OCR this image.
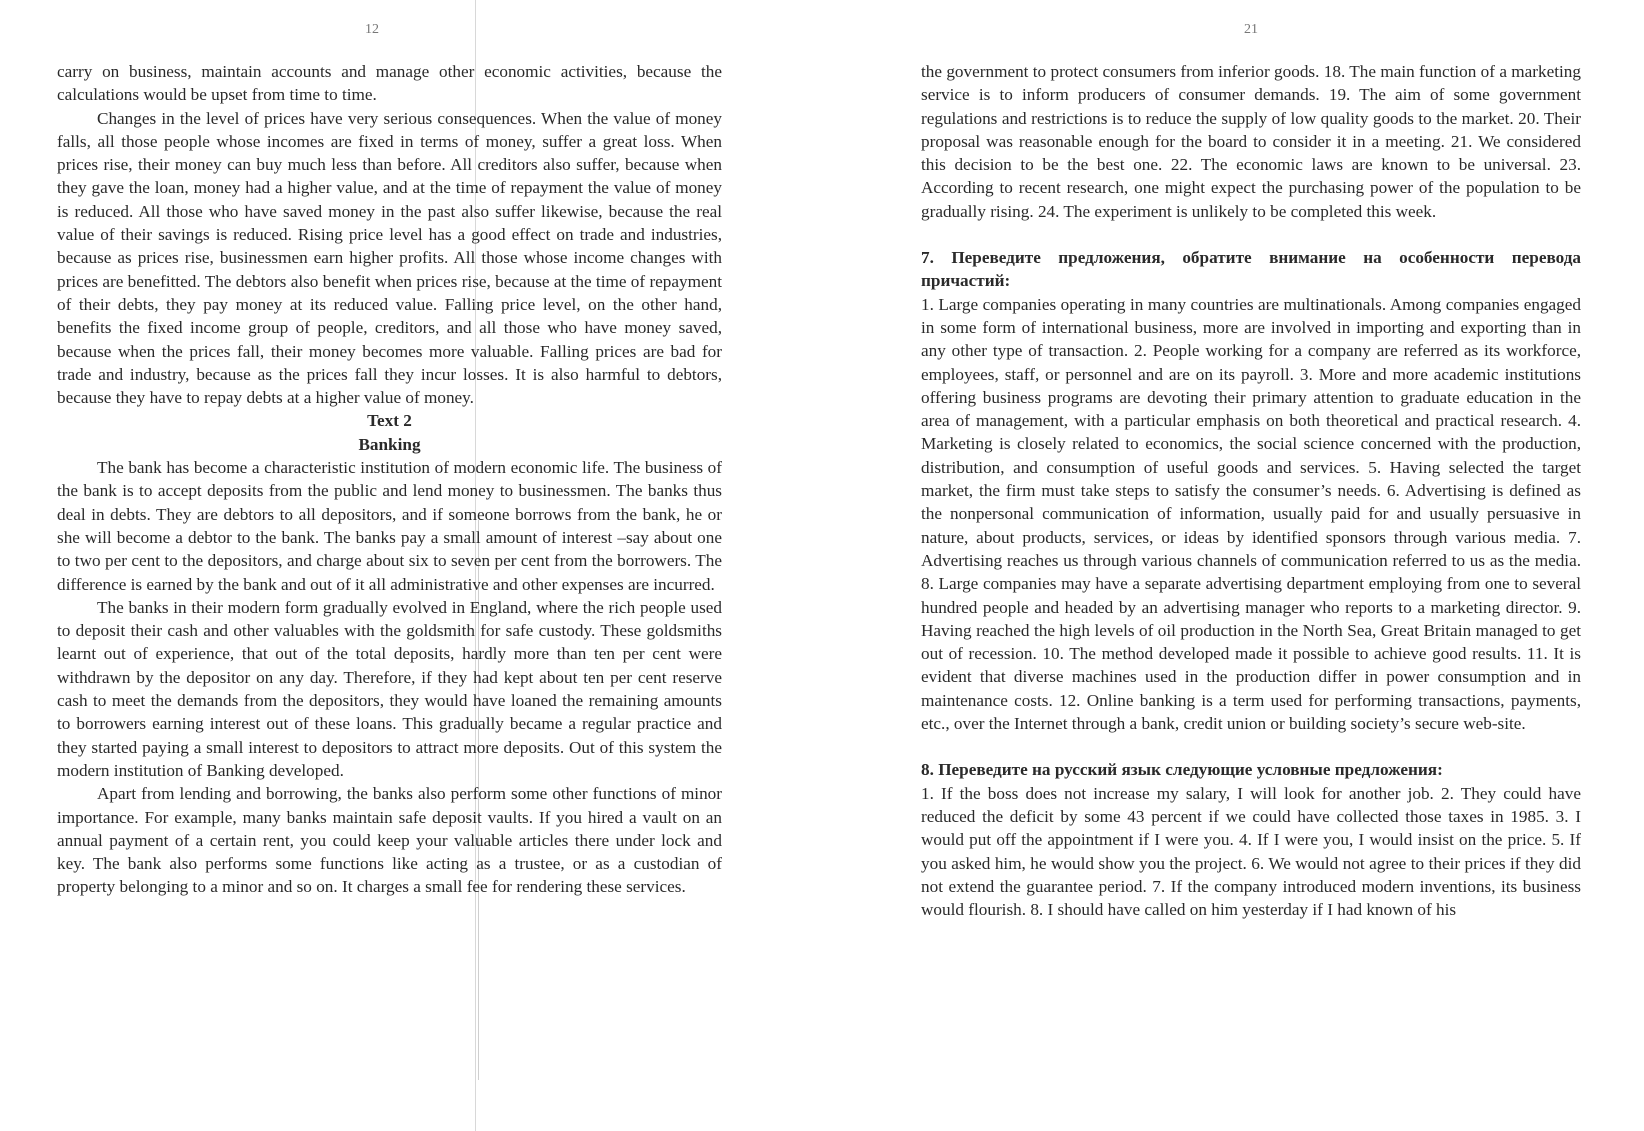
12	21

carry on business, maintain accounts and manage other economic activities, because the calculations would be upset from time to time.

Changes in the level of prices have very serious consequences. When the value of money falls, all those people whose incomes are fixed in terms of money, suffer a great loss. When prices rise, their money can buy much less than before. All creditors also suffer, because when they gave the loan, money had a higher value, and at the time of repayment the value of money is reduced. All those who have saved money in the past also suffer likewise, because the real value of their savings is reduced. Rising price level has a good effect on trade and industries, because as prices rise, businessmen earn higher profits. All those whose income changes with prices are benefitted. The debtors also benefit when prices rise, because at the time of repayment of their debts, they pay money at its reduced value. Falling price level, on the other hand, benefits the fixed income group of people, creditors, and all those who have money saved, because when the prices fall, their money becomes more valuable. Falling prices are bad for trade and industry, because as the prices fall they incur losses. It is also harmful to debtors, because they have to repay debts at a higher value of money.

Text 2

Banking

The bank has become a characteristic institution of modern economic life. The business of the bank is to accept deposits from the public and lend money to businessmen. The banks thus deal in debts. They are debtors to all depositors, and if someone borrows from the bank, he or she will become a debtor to the bank. The banks pay a small amount of interest –say about one to two per cent to the depositors, and charge about six to seven per cent from the borrowers. The difference is earned by the bank and out of it all administrative and other expenses are incurred.

The banks in their modern form gradually evolved in England, where the rich people used to deposit their cash and other valuables with the goldsmith for safe custody. These goldsmiths learnt out of experience, that out of the total deposits, hardly more than ten per cent were withdrawn by the depositor on any day. Therefore, if they had kept about ten per cent reserve cash to meet the demands from the depositors, they would have loaned the remaining amounts to borrowers earning interest out of these loans. This gradually became a regular practice and they started paying a small interest to depositors to attract more deposits. Out of this system the modern institution of Banking developed.

Apart from lending and borrowing, the banks also perform some other functions of minor importance. For example, many banks maintain safe deposit vaults. If you hired a vault on an annual payment of a certain rent, you could keep your valuable articles there under lock and key. The bank also performs some functions like acting as a trustee, or as a custodian of property belonging to a minor and so on. It charges a small fee for rendering these services.

the government to protect consumers from inferior goods. 18. The main function of a marketing service is to inform producers of consumer demands. 19. The aim of some government regulations and restrictions is to reduce the supply of low quality goods to the market. 20. Their proposal was reasonable enough for the board to consider it in a meeting. 21. We considered this decision to be the best one. 22. The economic laws are known to be universal. 23. According to recent research, one might expect the purchasing power of the population to be gradually rising. 24. The experiment is unlikely to be completed this week.

7. Переведите предложения, обратите внимание на особенности перевода причастий:

1. Large companies operating in many countries are multinationals. Among companies engaged in some form of international business, more are involved in importing and exporting than in any other type of transaction. 2. People working for a company are referred as its workforce, employees, staff, or personnel and are on its payroll. 3. More and more academic institutions offering business programs are devoting their primary attention to graduate education in the area of management, with a particular emphasis on both theoretical and practical research. 4. Marketing is closely related to economics, the social science concerned with the production, distribution, and consumption of useful goods and services. 5. Having selected the target market, the firm must take steps to satisfy the consumer’s needs. 6. Advertising is defined as the nonpersonal communication of information, usually paid for and usually persuasive in nature, about products, services, or ideas by identified sponsors through various media. 7. Advertising reaches us through various channels of communication referred to us as the media. 8. Large companies may have a separate advertising department employing from one to several hundred people and headed by an advertising manager who reports to a marketing director. 9. Having reached the high levels of oil production in the North Sea, Great Britain managed to get out of recession. 10. The method developed made it possible to achieve good results. 11. It is evident that diverse machines used in the production differ in power consumption and in maintenance costs. 12. Online banking is a term used for performing transactions, payments, etc., over the Internet through a bank, credit union or building society’s secure web-site.

8. Переведите на русский язык следующие условные предложения:

1. If the boss does not increase my salary, I will look for another job. 2. They could have reduced the deficit by some 43 percent if we could have collected those taxes in 1985. 3. I would put off the appointment if I were you. 4. If I were you, I would insist on the price. 5. If you asked him, he would show you the project. 6. We would not agree to their prices if they did not extend the guarantee period. 7. If the company introduced modern inventions, its business would flourish. 8. I should have called on him yesterday if I had known of his
